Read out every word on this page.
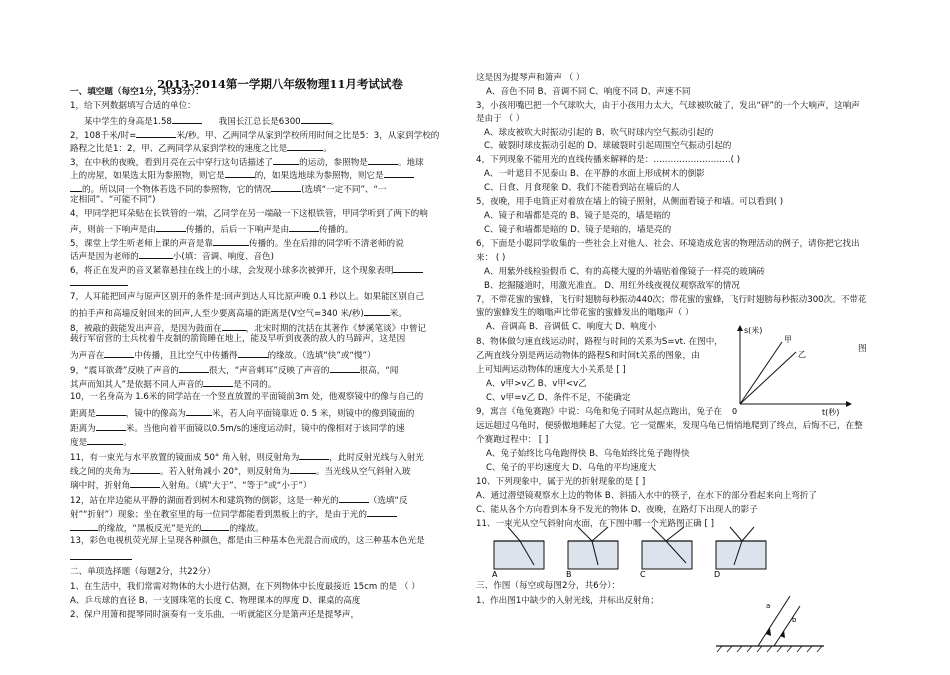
2013-2014第一学期八年级物理11月考试试卷
一、填空题（每空1分，共33分）：
1，给下列数据填写合适的单位：
某中学生的身高是1.58	我国长江总长是6300	。
2，108千米/时=	米/秒。甲、乙两同学从家到学校所用时间之比是5：3，从家到学校的
路程之比是1：2，甲、乙两同学从家到学校的速度之比是	。
3，在中秋的夜晚，看到月亮在云中穿行这句话描述了	的运动，参照物是	。地球
上的房屋，如果选太阳为参照物，则它是	的，如果选地球为参照物，则它是
的。所以同一个物体若选不同的参照物，它的情况	(选填“一定不同”、“一
定相同”、“可能不同”)
4，甲同学把耳朵贴在长铁管的一端，乙同学在另一端敲一下这根铁管，甲同学听到了两下的响
声，则前一下响声是由	传播的，后后一下响声是由	传播的。
5，课堂上学生听老师上课的声音是靠	传播的。坐在后排的同学听不清老师的说
话声是因为老师的	小(填：音调、响度、音色)
6，将正在发声的音叉紧靠悬挂在线上的小球，会发现小球多次被弹开，这个现象表明
7，人耳能把回声与原声区别开的条件是:回声到达人耳比原声晚 0.1 秒以上。如果能区别自己
的拍手声和高墙反射回来的回声,人至少要离高墙的距离是(V空气=340 米/秒)	米。
8，被敲的鼓能发出声音，是因为鼓面在	，北宋时期的沈括在其著作《梦溪笔谈》中曾记
载行军宿营的士兵枕着牛皮制的箭筒睡在地上，能及早听到夜袭的敌人的马蹄声，这是因
为声音在	中传播，且比空气中传播得	的缘故。（选填“快”或“慢”）
9，“震耳欲聋”反映了声音的	很大，“声音刺耳”反映了声音的	很高，“闻
其声而知其人”是依据不同人声音的	是不同的。
10，一名身高为 1.6米的同学站在一个竖直放置的平面镜前3m 处，他观察镜中的像与自己的
距离是	，镜中的像高为	米，若人向平面镜靠近 0. 5 米，则镜中的像到镜面的
距离为	米。当他向着平面镜以0.5m/s的速度运动时，镜中的像相对于该同学的速
度是	。
11，有一束光与水平放置的镜面成 50° 角入射，则反射角为	，此时反射光线与入射光
线之间的夹角为	。若入射角减小 20°，则反射角为	。当光线从空气斜射入玻
璃中时，折射角	入射角。（填“大于”、“等于”或“小于”）
12，站在岸边能从平静的湖面看到树木和建筑物的倒影，这是一种光的	（选填“反
射”“折射”）现象；坐在教室里的每一位同学都能看到黑板上的字，是由于光的
的缘故，“黑板反光”是光的	的缘故。
13，彩色电视机荧光屏上呈现各种颜色，都是由三种基本色光混合而成的，这三种基本色光是
二、单项选择题（每题2分，共22分）
1、在生活中，我们常需对物体的大小进行估测，在下列物体中长度最接近 15cm 的是 （ ）
A、乒乓球的直径 B、一支圆珠笔的长度 C、物理课本的厚度 D、课桌的高度
2、保户用箫和提琴同时演奏有一支乐曲，一听就能区分是箫声还是提琴声，
这是因为提琴声和箫声 （ ）
A、音色不同 B、音调不同 C、响度不同 D、声速不同
3，小孩用嘴巴把一个气球吹大，由于小孩用力太大，气球被吹破了，发出“砰”的一个大响声，这响声
是由于 （ ）
A、球皮被吹大时振动引起的 B、吹气时球内空气振动引起的
C、破裂时球皮振动引起的 D、球破裂时引起周围空气振动引起的
4，下列现象不能用光的直线传播来解释的是：………………………( )
A、一叶遮目不见泰山 B、在平静的水面上形成树木的倒影
C、日食、月食现象 D、我们不能看到站在墙后的人
5，夜晚，用手电筒正对着放在墙上的镜子照射，从侧面看镜子和墙。可以看到( )
A、镜子和墙都是亮的 B、镜子是亮的，墙是暗的
C、镜子和墙都是暗的 D、镜子是暗的，墙是亮的
6，下面是小聪同学收集的一些社会上对他人、社会、环境造成危害的物理活动的例子，请你把它找出
来： ( )
A、用紫外线检验假币 C、有的高楼大厦的外墙贴着像镜子一样亮的玻璃砖
B、挖掘隧道时，用激光准直。 D、用红外线夜视仪观察敌军的情况
7，不带花蜜的蜜蜂，飞行时翅膀每秒振动440次；带花蜜的蜜蜂，飞行时翅膀每秒振动300次。不带花
蜜的蜜蜂发生的嗡嗡声比带花蜜的蜜蜂发出的嗡嗡声（ ）
A、音调高 B、音调低 C、响度大 D、响度小
8、物体做匀速直线运动时，路程与时间的关系为S=vt. 在图中，
乙两直线分别是两运动物体的路程S和时间t关系的图象，由
上可知两运动物体的速度大小关系是 [ ]
A、v甲>v乙 B、v甲<v乙
C、v甲=v乙 D、条件不足，不能确定
图
9，寓言《龟兔赛跑》中说：乌龟和兔子同时从起点跑出，兔子在
远远超过乌龟时，便骄傲地睡起了大觉。它一觉醒来，发现乌龟已悄悄地爬到了终点，后悔不已，在整
个赛跑过程中： [ ]
A、兔子始终比乌龟跑得快 B、乌龟始终比兔子跑得快
C、兔子的平均速度大 D、乌龟的平均速度大
10、下列现象中，属于光的折射现象的是 [ ]
A、通过潜望镜观察水上边的物体 B、斜插入水中的筷子，在水下的部分看起来向上弯折了
C、能从各个方向看到本身不发光的物体 D、夜晚，在路灯下出现人的影子
11、一束光从空气斜射向水面，在下图中哪一个光路图正确 [ ]
三、作图（每空或每图2分，共6分）：
1、作出图1中缺少的入射光线，并标出反射角；
s(米)
t(秒)
0
甲
乙
A	B	C	D
a
b
